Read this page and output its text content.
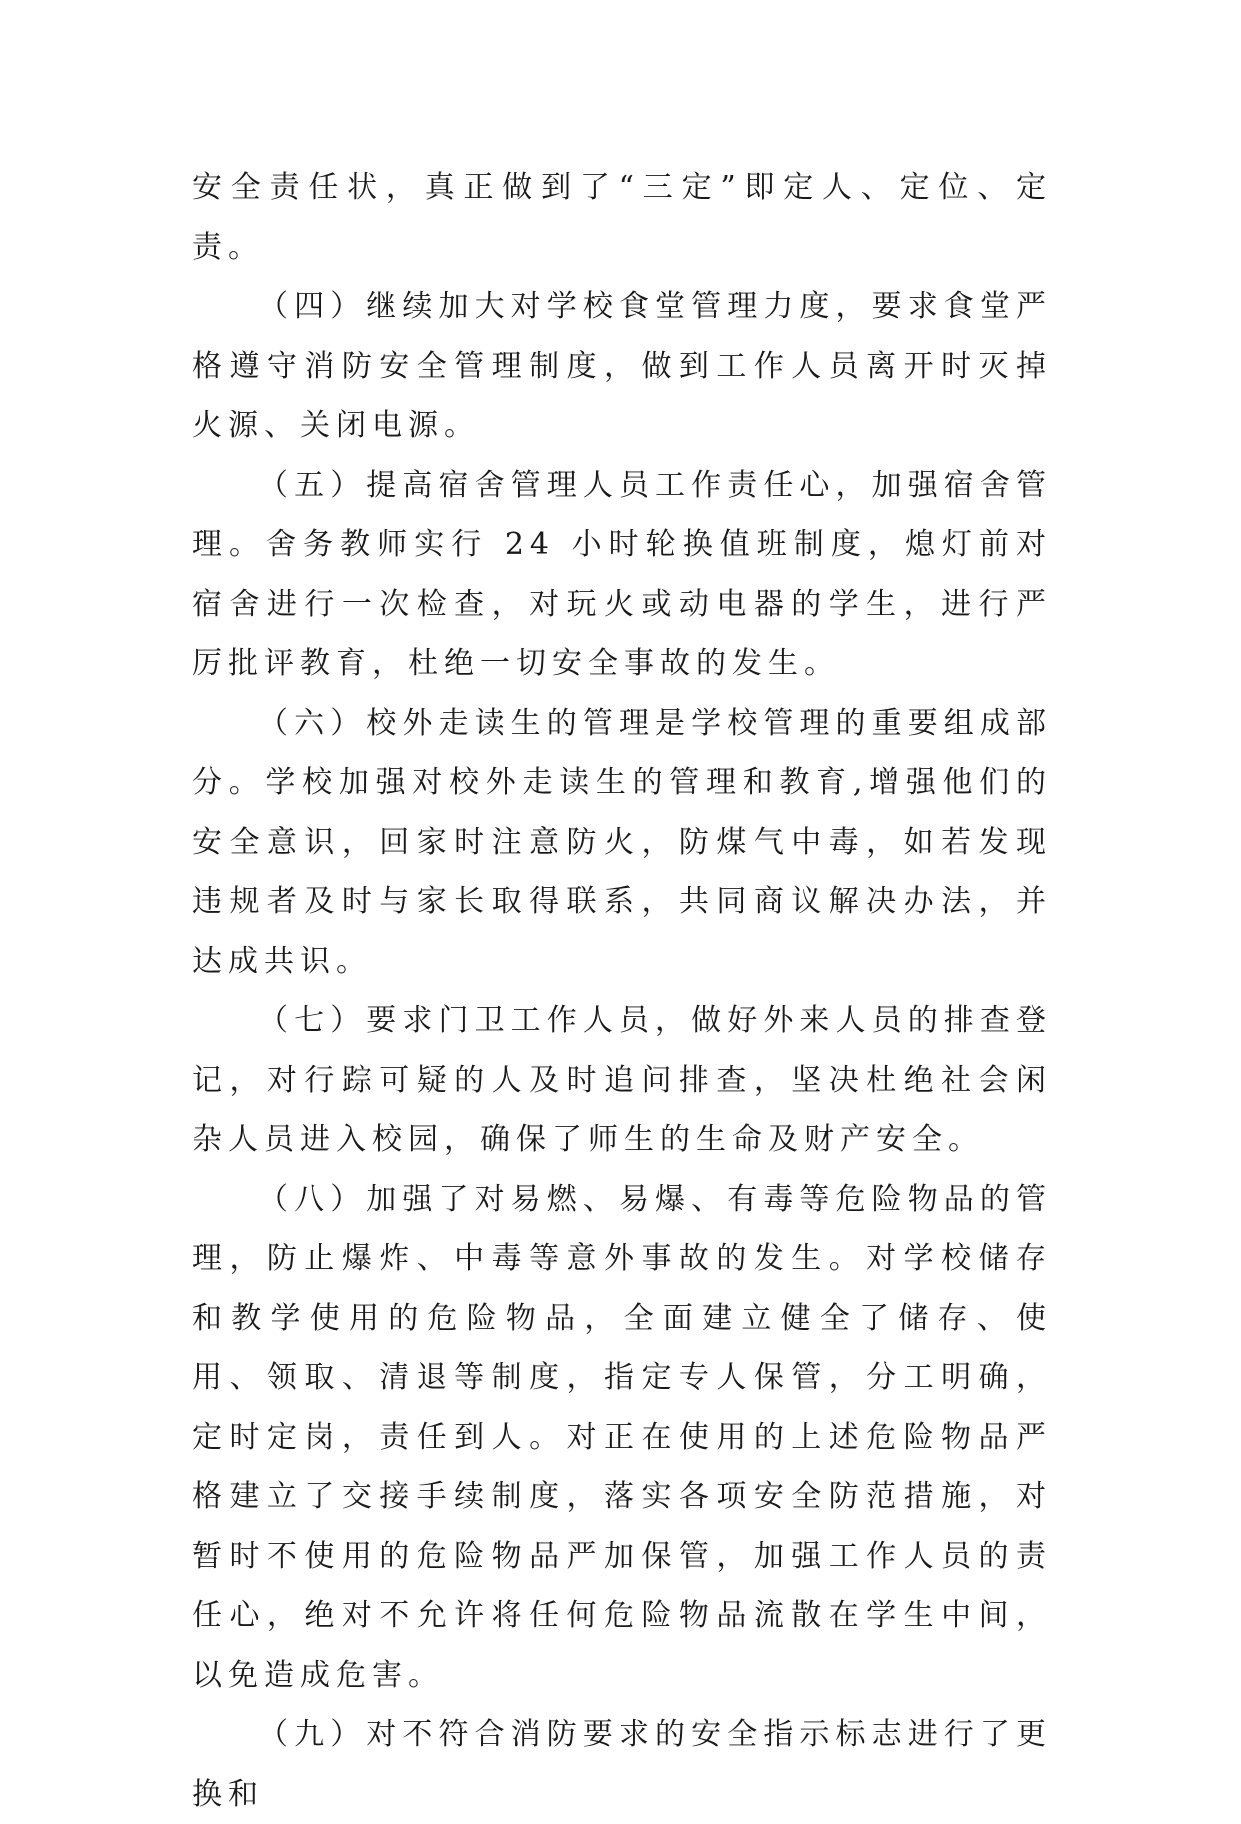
安全责任状，真正做到了“三定”即定人、定位、定责。

（四）继续加大对学校食堂管理力度，要求食堂严格遵守消防安全管理制度，做到工作人员离开时灭掉火源、关闭电源。

（五）提高宿舍管理人员工作责任心，加强宿舍管理。舍务教师实行 24 小时轮换值班制度，熄灯前对宿舍进行一次检查，对玩火或动电器的学生，进行严厉批评教育，杜绝一切安全事故的发生。

（六）校外走读生的管理是学校管理的重要组成部分。学校加强对校外走读生的管理和教育,增强他们的安全意识，回家时注意防火，防煤气中毒，如若发现违规者及时与家长取得联系，共同商议解决办法，并达成共识。

（七）要求门卫工作人员，做好外来人员的排查登记，对行踪可疑的人及时追问排查，坚决杜绝社会闲杂人员进入校园，确保了师生的生命及财产安全。

（八）加强了对易燃、易爆、有毒等危险物品的管理，防止爆炸、中毒等意外事故的发生。对学校储存和教学使用的危险物品，全面建立健全了储存、使用、领取、清退等制度，指定专人保管，分工明确，定时定岗，责任到人。对正在使用的上述危险物品严格建立了交接手续制度，落实各项安全防范措施，对暂时不使用的危险物品严加保管，加强工作人员的责任心，绝对不允许将任何危险物品流散在学生中间，以免造成危害。

（九）对不符合消防要求的安全指示标志进行了更换和
